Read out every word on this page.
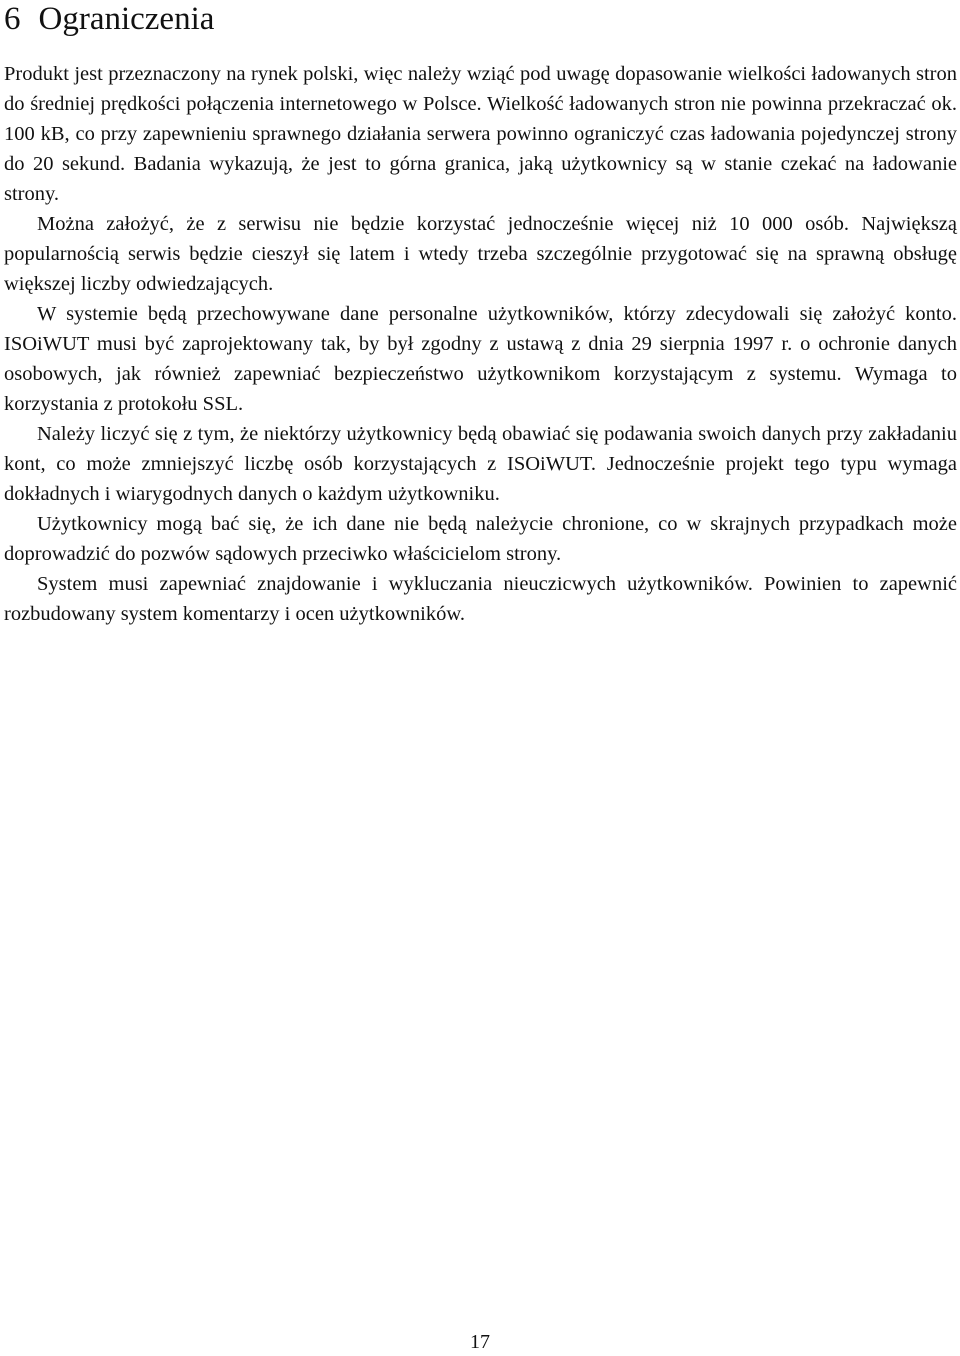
6 Ograniczenia

Produkt jest przeznaczony na rynek polski, więc należy wziąć pod uwagę dopasowanie wielkości ładowanych stron do średniej prędkości połączenia internetowego w Polsce. Wielkość ładowanych stron nie powinna przekraczać ok. 100 kB, co przy zapewnieniu sprawnego działania serwera powinno ograniczyć czas ładowania pojedynczej strony do 20 sekund. Badania wykazują, że jest to górna granica, jaką użytkownicy są w stanie czekać na ładowanie strony.

Można założyć, że z serwisu nie będzie korzystać jednocześnie więcej niż 10 000 osób. Największą popularnością serwis będzie cieszył się latem i wtedy trzeba szczególnie przygotować się na sprawną obsługę większej liczby odwiedzających.

W systemie będą przechowywane dane personalne użytkowników, którzy zdecydowali się założyć konto. ISOiWUT musi być zaprojektowany tak, by był zgodny z ustawą z dnia 29 sierpnia 1997 r. o ochronie danych osobowych, jak również zapewniać bezpieczeństwo użytkownikom korzystającym z systemu. Wymaga to korzystania z protokołu SSL.

Należy liczyć się z tym, że niektórzy użytkownicy będą obawiać się podawania swoich danych przy zakładaniu kont, co może zmniejszyć liczbę osób korzystających z ISOiWUT. Jednocześnie projekt tego typu wymaga dokładnych i wiarygodnych danych o każdym użytkowniku.

Użytkownicy mogą bać się, że ich dane nie będą należycie chronione, co w skrajnych przypadkach może doprowadzić do pozwów sądowych przeciwko właścicielom strony.

System musi zapewniać znajdowanie i wykluczania nieuczicwych użytkowników. Powinien to zapewnić rozbudowany system komentarzy i ocen użytkowników.

17
